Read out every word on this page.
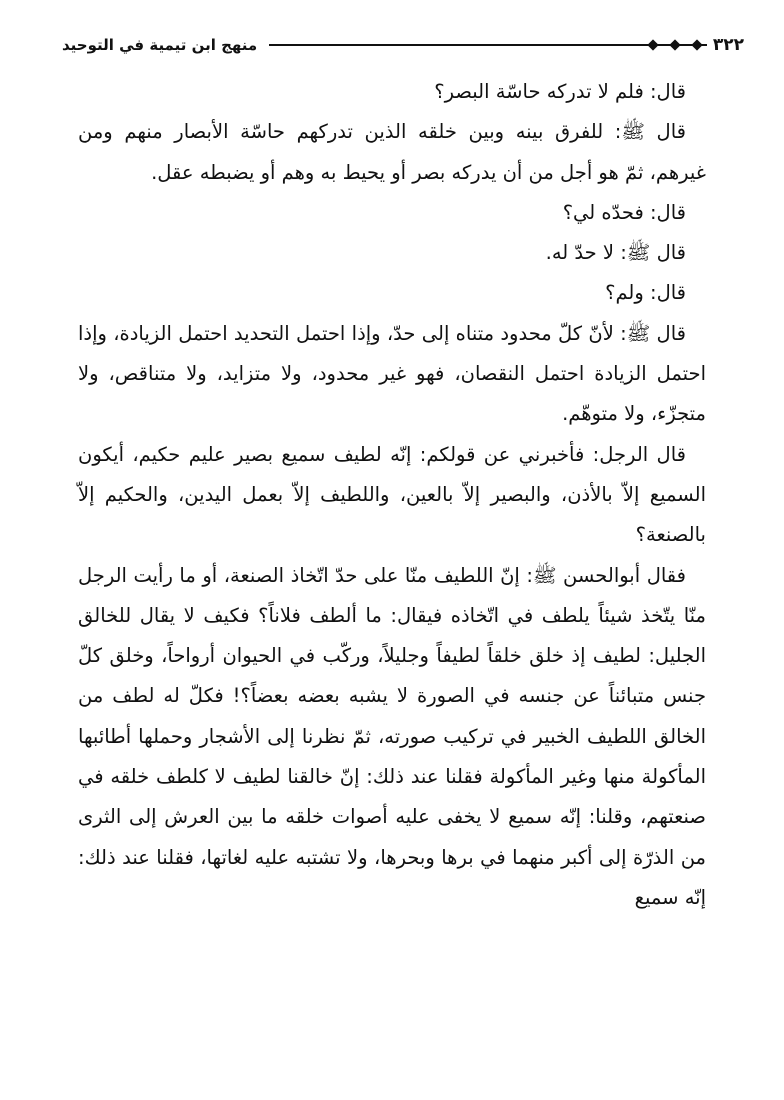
٣٢٢
منهج ابن تيمية في التوحيد

قال: فلم لا تدركه حاسّة البصر؟

قال ﷺ: للفرق بينه وبين خلقه الذين تدركهم حاسّة الأبصار منهم ومن غيرهم، ثمّ هو أجل من أن يدركه بصر أو يحيط به وهم أو يضبطه عقل.

قال: فحدّه لي؟

قال ﷺ: لا حدّ له.

قال: ولم؟

قال ﷺ: لأنّ كلّ محدود متناه إلى حدّ، وإذا احتمل التحديد احتمل الزيادة، وإذا احتمل الزيادة احتمل النقصان، فهو غير محدود، ولا متزايد، ولا متناقص، ولا متجزّء، ولا متوهّم.

قال الرجل: فأخبرني عن قولكم: إنّه لطيف سميع بصير عليم حكيم، أيكون السميع إلاّ بالأذن، والبصير إلاّ بالعين، واللطيف إلاّ بعمل اليدين، والحكيم إلاّ بالصنعة؟

فقال أبوالحسن ﷺ: إنّ اللطيف منّا على حدّ اتّخاذ الصنعة، أو ما رأيت الرجل منّا يتّخذ شيئاً يلطف في اتّخاذه فيقال: ما ألطف فلاناً؟ فكيف لا يقال للخالق الجليل: لطيف إذ خلق خلقاً لطيفاً وجليلاً، وركّب في الحيوان أرواحاً، وخلق كلّ جنس متبائناً عن جنسه في الصورة لا يشبه بعضه بعضاً؟! فكلّ له لطف من الخالق اللطيف الخبير في تركيب صورته، ثمّ نظرنا إلى الأشجار وحملها أطائبها المأكولة منها وغير المأكولة فقلنا عند ذلك: إنّ خالقنا لطيف لا كلطف خلقه في صنعتهم، وقلنا: إنّه سميع لا يخفى عليه أصوات خلقه ما بين العرش إلى الثرى من الذرّة إلى أكبر منهما في برها وبحرها، ولا تشتبه عليه لغاتها، فقلنا عند ذلك: إنّه سميع
